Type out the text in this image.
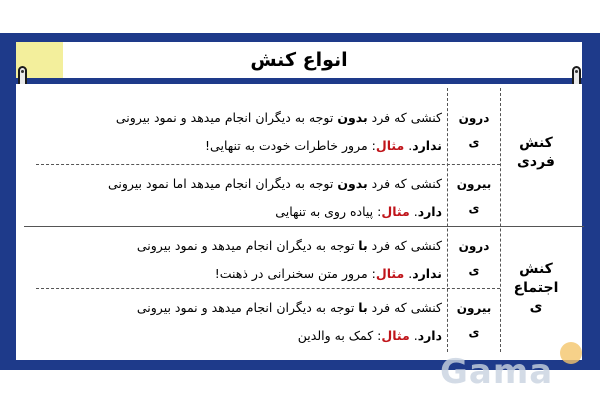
انواع کنش
کنش
فردی
درون
ی
کنشی که فرد بدون توجه به دیگران انجام میدهد و نمود بیرونی
ندارد. مثال: مرور خاطرات خودت به تنهایی!
بیرون
ی
کنشی که فرد بدون توجه به دیگران انجام میدهد اما نمود بیرونی
دارد. مثال: پیاده روی به تنهایی
کنش
اجتماع
ی
درون
ی
کنشی که فرد با توجه به دیگران انجام میدهد و نمود بیرونی
ندارد. مثال: مرور متن سخنرانی در ذهنت!
بیرون
ی
کنشی که فرد با توجه به دیگران انجام میدهد و نمود بیرونی
دارد. مثال: کمک به والدین
Gama
